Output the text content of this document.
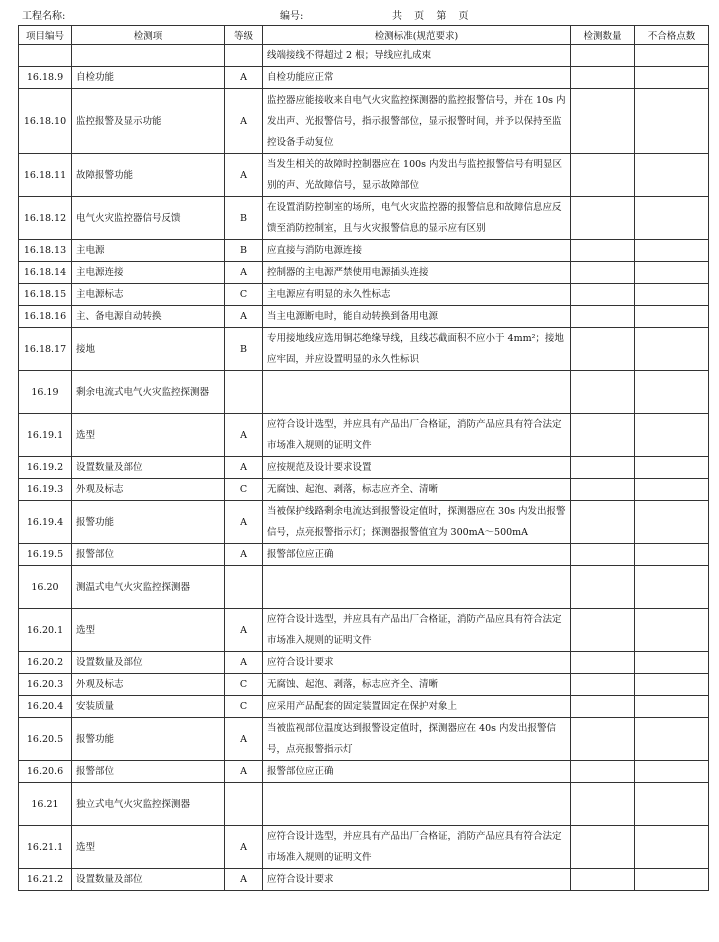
工程名称:	编号:	共 页 第 页
项目编号	检测项	等级	检测标准(规范要求)	检测数量	不合格点数
			线端接线不得超过 2 根；导线应扎成束		
16.18.9	自检功能	A	自检功能应正常		
16.18.10	监控报警及显示功能	A	监控器应能接收来自电气火灾监控探测器的监控报警信号，并在 10s 内发出声、光报警信号，指示报警部位，显示报警时间，并予以保持至监控设备手动复位		
16.18.11	故障报警功能	A	当发生相关的故障时控制器应在 100s 内发出与监控报警信号有明显区别的声、光故障信号，显示故障部位		
16.18.12	电气火灾监控器信号反馈	B	在设置消防控制室的场所，电气火灾监控器的报警信息和故障信息应反馈至消防控制室，且与火灾报警信息的显示应有区别		
16.18.13	主电源	B	应直接与消防电源连接		
16.18.14	主电源连接	A	控制器的主电源严禁使用电源插头连接		
16.18.15	主电源标志	C	主电源应有明显的永久性标志		
16.18.16	主、备电源自动转换	A	当主电源断电时，能自动转换到备用电源		
16.18.17	接地	B	专用接地线应选用铜芯绝缘导线，且线芯截面积不应小于 4mm²；接地应牢固，并应设置明显的永久性标识		
16.19	剩余电流式电气火灾监控探测器				
16.19.1	选型	A	应符合设计选型，并应具有产品出厂合格证，消防产品应具有符合法定市场准入规则的证明文件		
16.19.2	设置数量及部位	A	应按规范及设计要求设置		
16.19.3	外观及标志	C	无腐蚀、起泡、剥落，标志应齐全、清晰		
16.19.4	报警功能	A	当被保护线路剩余电流达到报警设定值时，探测器应在 30s 内发出报警信号，点亮报警指示灯；探测器报警值宜为 300mA～500mA		
16.19.5	报警部位	A	报警部位应正确		
16.20	测温式电气火灾监控探测器				
16.20.1	选型	A	应符合设计选型，并应具有产品出厂合格证，消防产品应具有符合法定市场准入规则的证明文件		
16.20.2	设置数量及部位	A	应符合设计要求		
16.20.3	外观及标志	C	无腐蚀、起泡、剥落，标志应齐全、清晰		
16.20.4	安装质量	C	应采用产品配套的固定装置固定在保护对象上		
16.20.5	报警功能	A	当被监视部位温度达到报警设定值时，探测器应在 40s 内发出报警信号，点亮报警指示灯		
16.20.6	报警部位	A	报警部位应正确		
16.21	独立式电气火灾监控探测器				
16.21.1	选型	A	应符合设计选型，并应具有产品出厂合格证，消防产品应具有符合法定市场准入规则的证明文件		
16.21.2	设置数量及部位	A	应符合设计要求		
